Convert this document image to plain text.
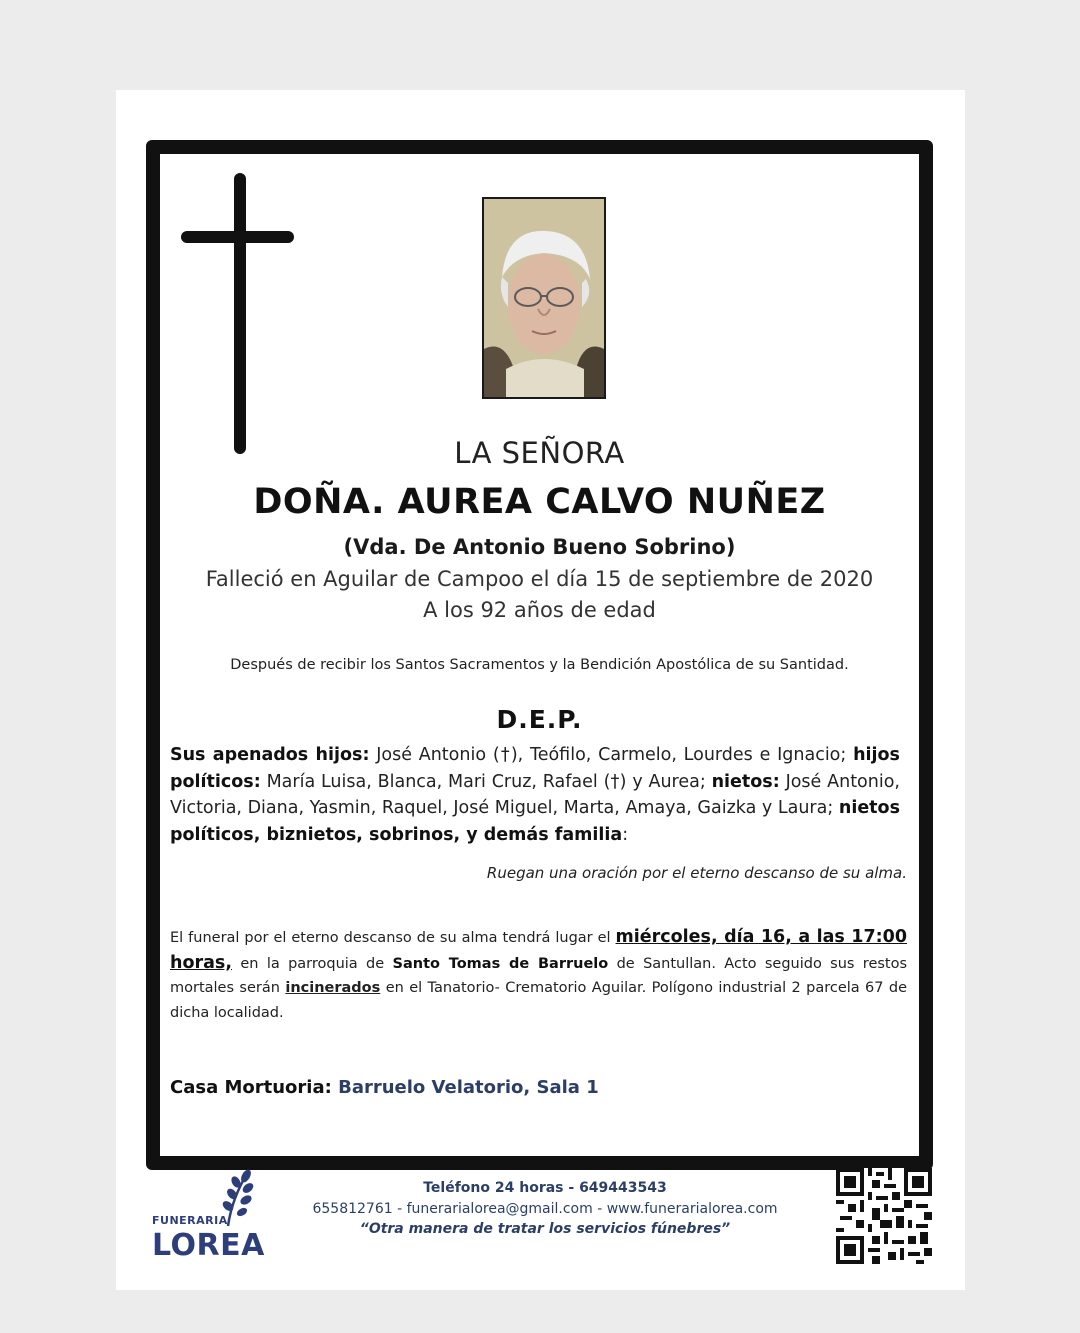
LA SEÑORA
DOÑA. AUREA CALVO NUÑEZ
(Vda. De Antonio Bueno Sobrino)
Falleció en Aguilar de Campoo el día 15 de septiembre de 2020
A los 92 años de edad
Después de recibir los Santos Sacramentos y la Bendición Apostólica de su Santidad.
D.E.P.
Sus apenados hijos: José Antonio (†), Teófilo, Carmelo, Lourdes e Ignacio; hijos políticos: María Luisa, Blanca, Mari Cruz, Rafael (†) y Aurea; nietos: José Antonio, Victoria, Diana, Yasmin, Raquel, José Miguel, Marta, Amaya, Gaizka y Laura; nietos políticos, biznietos, sobrinos, y demás familia:
Ruegan una oración por el eterno descanso de su alma.
El funeral por el eterno descanso de su alma tendrá lugar el miércoles, día 16, a las 17:00 horas, en la parroquia de Santo Tomas de Barruelo de Santullan. Acto seguido sus restos mortales serán incinerados en el Tanatorio- Crematorio Aguilar. Polígono industrial 2 parcela 67 de dicha localidad.
Casa Mortuoria: Barruelo Velatorio, Sala 1
FUNERARIA
LOREA
Teléfono 24 horas - 649443543
655812761 - funerarialorea@gmail.com - www.funerarialorea.com
“Otra manera de tratar los servicios fúnebres”
